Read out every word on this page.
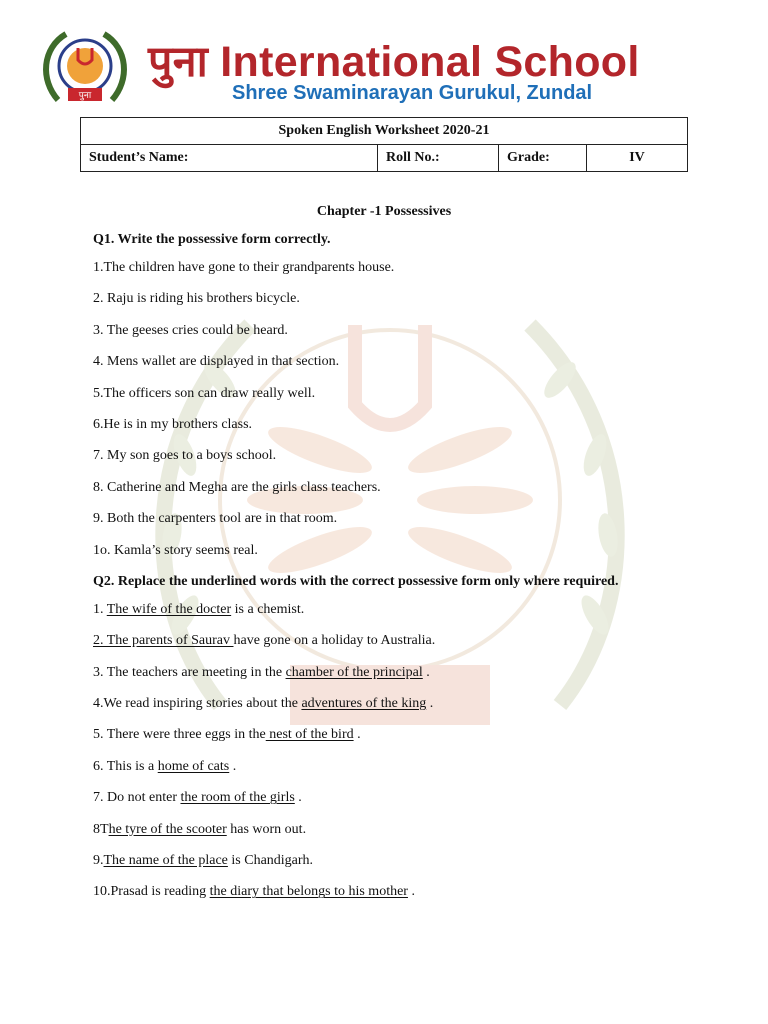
पुना
पुना International School
Shree Swaminarayan Gurukul, Zundal
Spoken English Worksheet 2020-21
Student’s Name:	Roll No.:	Grade:	IV
Chapter -1 Possessives
Q1. Write the possessive form correctly.
1.The children have gone to their grandparents house.
2. Raju is riding his brothers bicycle.
3. The geeses cries could be heard.
4. Mens wallet are displayed in that section.
5.The officers son can draw really well.
6.He is in my brothers class.
7. My son goes to a boys school.
8. Catherine and Megha are the girls class teachers.
9. Both the carpenters tool are in that room.
1o. Kamla’s story seems real.
Q2. Replace the underlined words with the correct possessive form only where required.
1. The wife of the docter is a chemist.
2. The parents of Saurav have gone on a holiday to Australia.
3. The teachers are meeting in the chamber of the principal .
4.We read inspiring stories about the adventures of the king .
5. There were three eggs in the nest of the bird .
6. This is a home of cats .
7. Do not enter the room of the girls .
8The tyre of the scooter has worn out.
9.The name of the place is Chandigarh.
10.Prasad is reading the diary that belongs to his mother .
